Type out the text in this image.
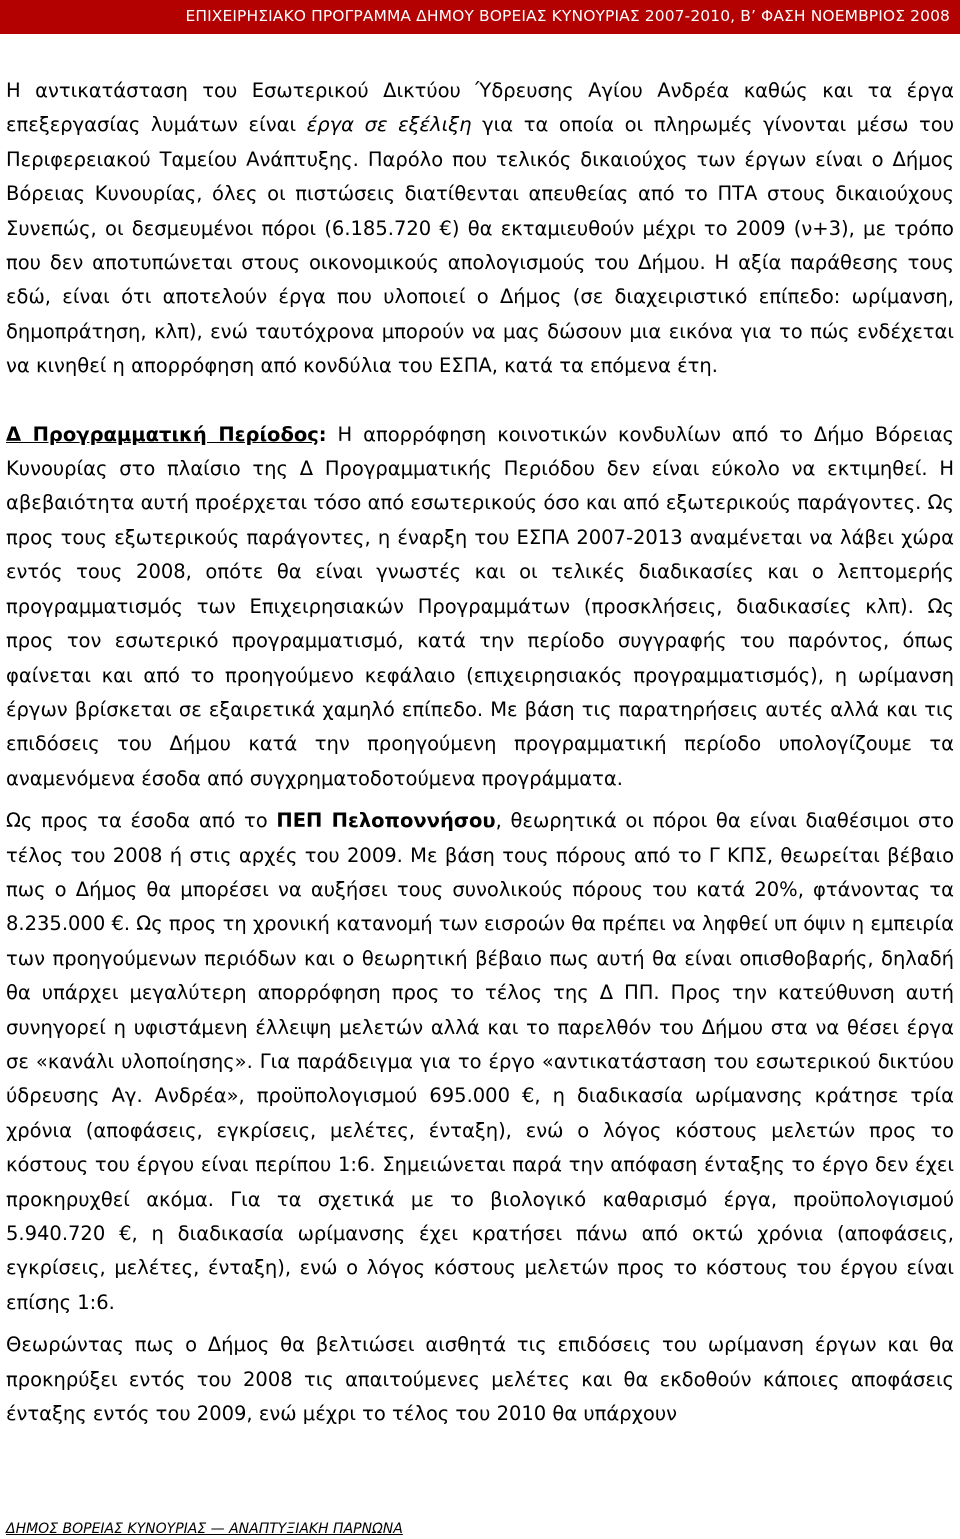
ΕΠΙΧΕΙΡΗΣΙΑΚΟ ΠΡΟΓΡΑΜΜΑ ΔΗΜΟΥ ΒΟΡΕΙΑΣ ΚΥΝΟΥΡΙΑΣ 2007-2010, Β’ ΦΑΣΗ ΝΟΕΜΒΡΙΟΣ 2008

Η αντικατάσταση του Εσωτερικού Δικτύου Ύδρευσης Αγίου Ανδρέα καθώς και τα έργα επεξεργασίας λυμάτων είναι έργα σε εξέλιξη για τα οποία οι πληρωμές γίνονται μέσω του Περιφερειακού Ταμείου Ανάπτυξης. Παρόλο που τελικός δικαιούχος των έργων είναι ο Δήμος Βόρειας Κυνουρίας, όλες οι πιστώσεις διατίθενται απευθείας από το ΠΤΑ στους δικαιούχους Συνεπώς, οι δεσμευμένοι πόροι (6.185.720 €) θα εκταμιευθούν μέχρι το 2009 (ν+3), με τρόπο που δεν αποτυπώνεται στους οικονομικούς απολογισμούς του Δήμου. Η αξία παράθεσης τους εδώ, είναι ότι αποτελούν έργα που υλοποιεί ο Δήμος (σε διαχειριστικό επίπεδο: ωρίμανση, δημοπράτηση, κλπ), ενώ ταυτόχρονα μπορούν να μας δώσουν μια εικόνα για το πώς ενδέχεται να κινηθεί η απορρόφηση από κονδύλια του ΕΣΠΑ, κατά τα επόμενα έτη.

Δ Προγραμματική Περίοδος: Η απορρόφηση κοινοτικών κονδυλίων από το Δήμο Βόρειας Κυνουρίας στο πλαίσιο της Δ Προγραμματικής Περιόδου δεν είναι εύκολο να εκτιμηθεί. Η αβεβαιότητα αυτή προέρχεται τόσο από εσωτερικούς όσο και από εξωτερικούς παράγοντες. Ως προς τους εξωτερικούς παράγοντες, η έναρξη του ΕΣΠΑ 2007-2013 αναμένεται να λάβει χώρα εντός τους 2008, οπότε θα είναι γνωστές και οι τελικές διαδικασίες και ο λεπτομερής προγραμματισμός των Επιχειρησιακών Προγραμμάτων (προσκλήσεις, διαδικασίες κλπ). Ως προς τον εσωτερικό προγραμματισμό, κατά την περίοδο συγγραφής του παρόντος, όπως φαίνεται και από το προηγούμενο κεφάλαιο (επιχειρησιακός προγραμματισμός), η ωρίμανση έργων βρίσκεται σε εξαιρετικά χαμηλό επίπεδο. Με βάση τις παρατηρήσεις αυτές αλλά και τις επιδόσεις του Δήμου κατά την προηγούμενη προγραμματική περίοδο υπολογίζουμε τα αναμενόμενα έσοδα από συγχρηματοδοτούμενα προγράμματα.

Ως προς τα έσοδα από το ΠΕΠ Πελοποννήσου, θεωρητικά οι πόροι θα είναι διαθέσιμοι στο τέλος του 2008 ή στις αρχές του 2009. Με βάση τους πόρους από το Γ ΚΠΣ, θεωρείται βέβαιο πως ο Δήμος θα μπορέσει να αυξήσει τους συνολικούς πόρους του κατά 20%, φτάνοντας τα 8.235.000 €. Ως προς τη χρονική κατανομή των εισροών θα πρέπει να ληφθεί υπ όψιν η εμπειρία των προηγούμενων περιόδων και ο θεωρητική βέβαιο πως αυτή θα είναι οπισθοβαρής, δηλαδή θα υπάρχει μεγαλύτερη απορρόφηση προς το τέλος της Δ ΠΠ. Προς την κατεύθυνση αυτή συνηγορεί η υφιστάμενη έλλειψη μελετών αλλά και το παρελθόν του Δήμου στα να θέσει έργα σε «κανάλι υλοποίησης». Για παράδειγμα για το έργο «αντικατάσταση του εσωτερικού δικτύου ύδρευσης Αγ. Ανδρέα», προϋπολογισμού 695.000 €, η διαδικασία ωρίμανσης κράτησε τρία χρόνια (αποφάσεις, εγκρίσεις, μελέτες, ένταξη), ενώ ο λόγος κόστους μελετών προς το κόστους του έργου είναι περίπου 1:6. Σημειώνεται παρά την απόφαση ένταξης το έργο δεν έχει προκηρυχθεί ακόμα. Για τα σχετικά με το βιολογικό καθαρισμό έργα, προϋπολογισμού 5.940.720 €, η διαδικασία ωρίμανσης έχει κρατήσει πάνω από οκτώ χρόνια (αποφάσεις, εγκρίσεις, μελέτες, ένταξη), ενώ ο λόγος κόστους μελετών προς το κόστους του έργου είναι επίσης 1:6.

Θεωρώντας πως ο Δήμος θα βελτιώσει αισθητά τις επιδόσεις του ωρίμανση έργων και θα προκηρύξει εντός του 2008 τις απαιτούμενες μελέτες και θα εκδοθούν κάποιες αποφάσεις ένταξης εντός του 2009, ενώ μέχρι το τέλος του 2010 θα υπάρχουν

ΔΗΜΟΣ ΒΟΡΕΙΑΣ ΚΥΝΟΥΡΙΑΣ — ΑΝΑΠΤΥΞΙΑΚΗ ΠΑΡΝΩΝΑ
